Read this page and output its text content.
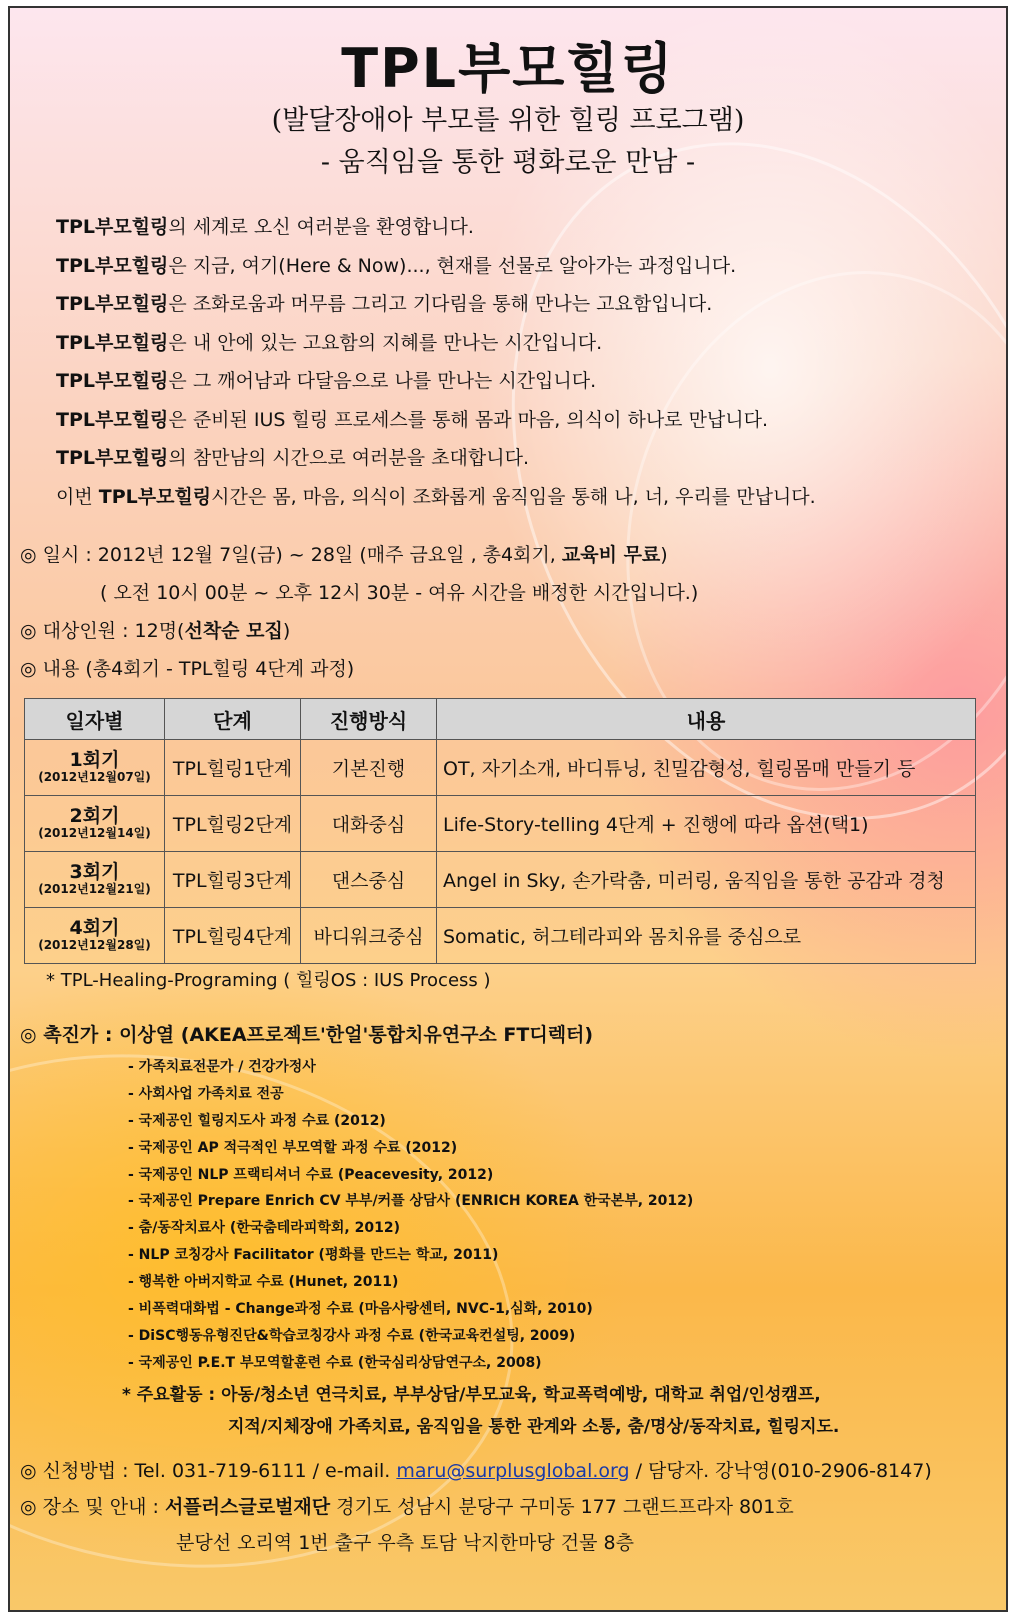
TPL부모힐링
(발달장애아 부모를 위한 힐링 프로그램)
- 움직임을 통한 평화로운 만남 -
TPL부모힐링의 세계로 오신 여러분을 환영합니다.
TPL부모힐링은 지금, 여기(Here & Now)..., 현재를 선물로 알아가는 과정입니다.
TPL부모힐링은 조화로움과 머무름 그리고 기다림을 통해 만나는 고요함입니다.
TPL부모힐링은 내 안에 있는 고요함의 지혜를 만나는 시간입니다.
TPL부모힐링은 그 깨어남과 다달음으로 나를 만나는 시간입니다.
TPL부모힐링은 준비된 IUS 힐링 프로세스를 통해 몸과 마음, 의식이 하나로 만납니다.
TPL부모힐링의 참만남의 시간으로 여러분을 초대합니다.
이번 TPL부모힐링시간은 몸, 마음, 의식이 조화롭게 움직임을 통해 나, 너, 우리를 만납니다.
◎ 일시 : 2012년 12월 7일(금) ~ 28일 (매주 금요일 , 총4회기, 교육비 무료)
( 오전 10시 00분 ~ 오후 12시 30분 - 여유 시간을 배정한 시간입니다.)
◎ 대상인원 : 12명(선착순 모집)
◎ 내용 (총4회기 - TPL힐링 4단계 과정)
일자별	단계	진행방식	내용

1회기
(2012년12월07일)	TPL힐링1단계	기본진행	OT, 자기소개, 바디튜닝, 친밀감형성, 힐링몸매 만들기 등

2회기
(2012년12월14일)	TPL힐링2단계	대화중심	Life-Story-telling 4단계 + 진행에 따라 옵션(택1)

3회기
(2012년12월21일)	TPL힐링3단계	댄스중심	Angel in Sky, 손가락춤, 미러링, 움직임을 통한 공감과 경청

4회기
(2012년12월28일)	TPL힐링4단계	바디워크중심	Somatic, 허그테라피와 몸치유를 중심으로
* TPL-Healing-Programing ( 힐링OS : IUS Process )
◎ 촉진가 : 이상열 (AKEA프로젝트'한얼'통합치유연구소 FT디렉터)
- 가족치료전문가 / 건강가정사
- 사회사업 가족치료 전공
- 국제공인 힐링지도사 과정 수료 (2012)
- 국제공인 AP 적극적인 부모역할 과정 수료 (2012)
- 국제공인 NLP 프랙티셔너 수료 (Peacevesity, 2012)
- 국제공인 Prepare Enrich CV 부부/커플 상담사 (ENRICH KOREA 한국본부, 2012)
- 춤/동작치료사 (한국춤테라피학회, 2012)
- NLP 코칭강사 Facilitator (평화를 만드는 학교, 2011)
- 행복한 아버지학교 수료 (Hunet, 2011)
- 비폭력대화법 - Change과정 수료 (마음사랑센터, NVC-1,심화, 2010)
- DiSC행동유형진단&학습코칭강사 과정 수료 (한국교육컨설팅, 2009)
- 국제공인 P.E.T 부모역할훈련 수료 (한국심리상담연구소, 2008)
* 주요활동 : 아동/청소년 연극치료, 부부상담/부모교육, 학교폭력예방, 대학교 취업/인성캠프,
지적/지체장애 가족치료, 움직임을 통한 관계와 소통, 춤/명상/동작치료, 힐링지도.
◎ 신청방법 : Tel. 031-719-6111 / e-mail. maru@surplusglobal.org / 담당자. 강낙영(010-2906-8147)
◎ 장소 및 안내 : 서플러스글로벌재단 경기도 성남시 분당구 구미동 177 그랜드프라자 801호
분당선 오리역 1번 출구 우측 토담 낙지한마당 건물 8층
